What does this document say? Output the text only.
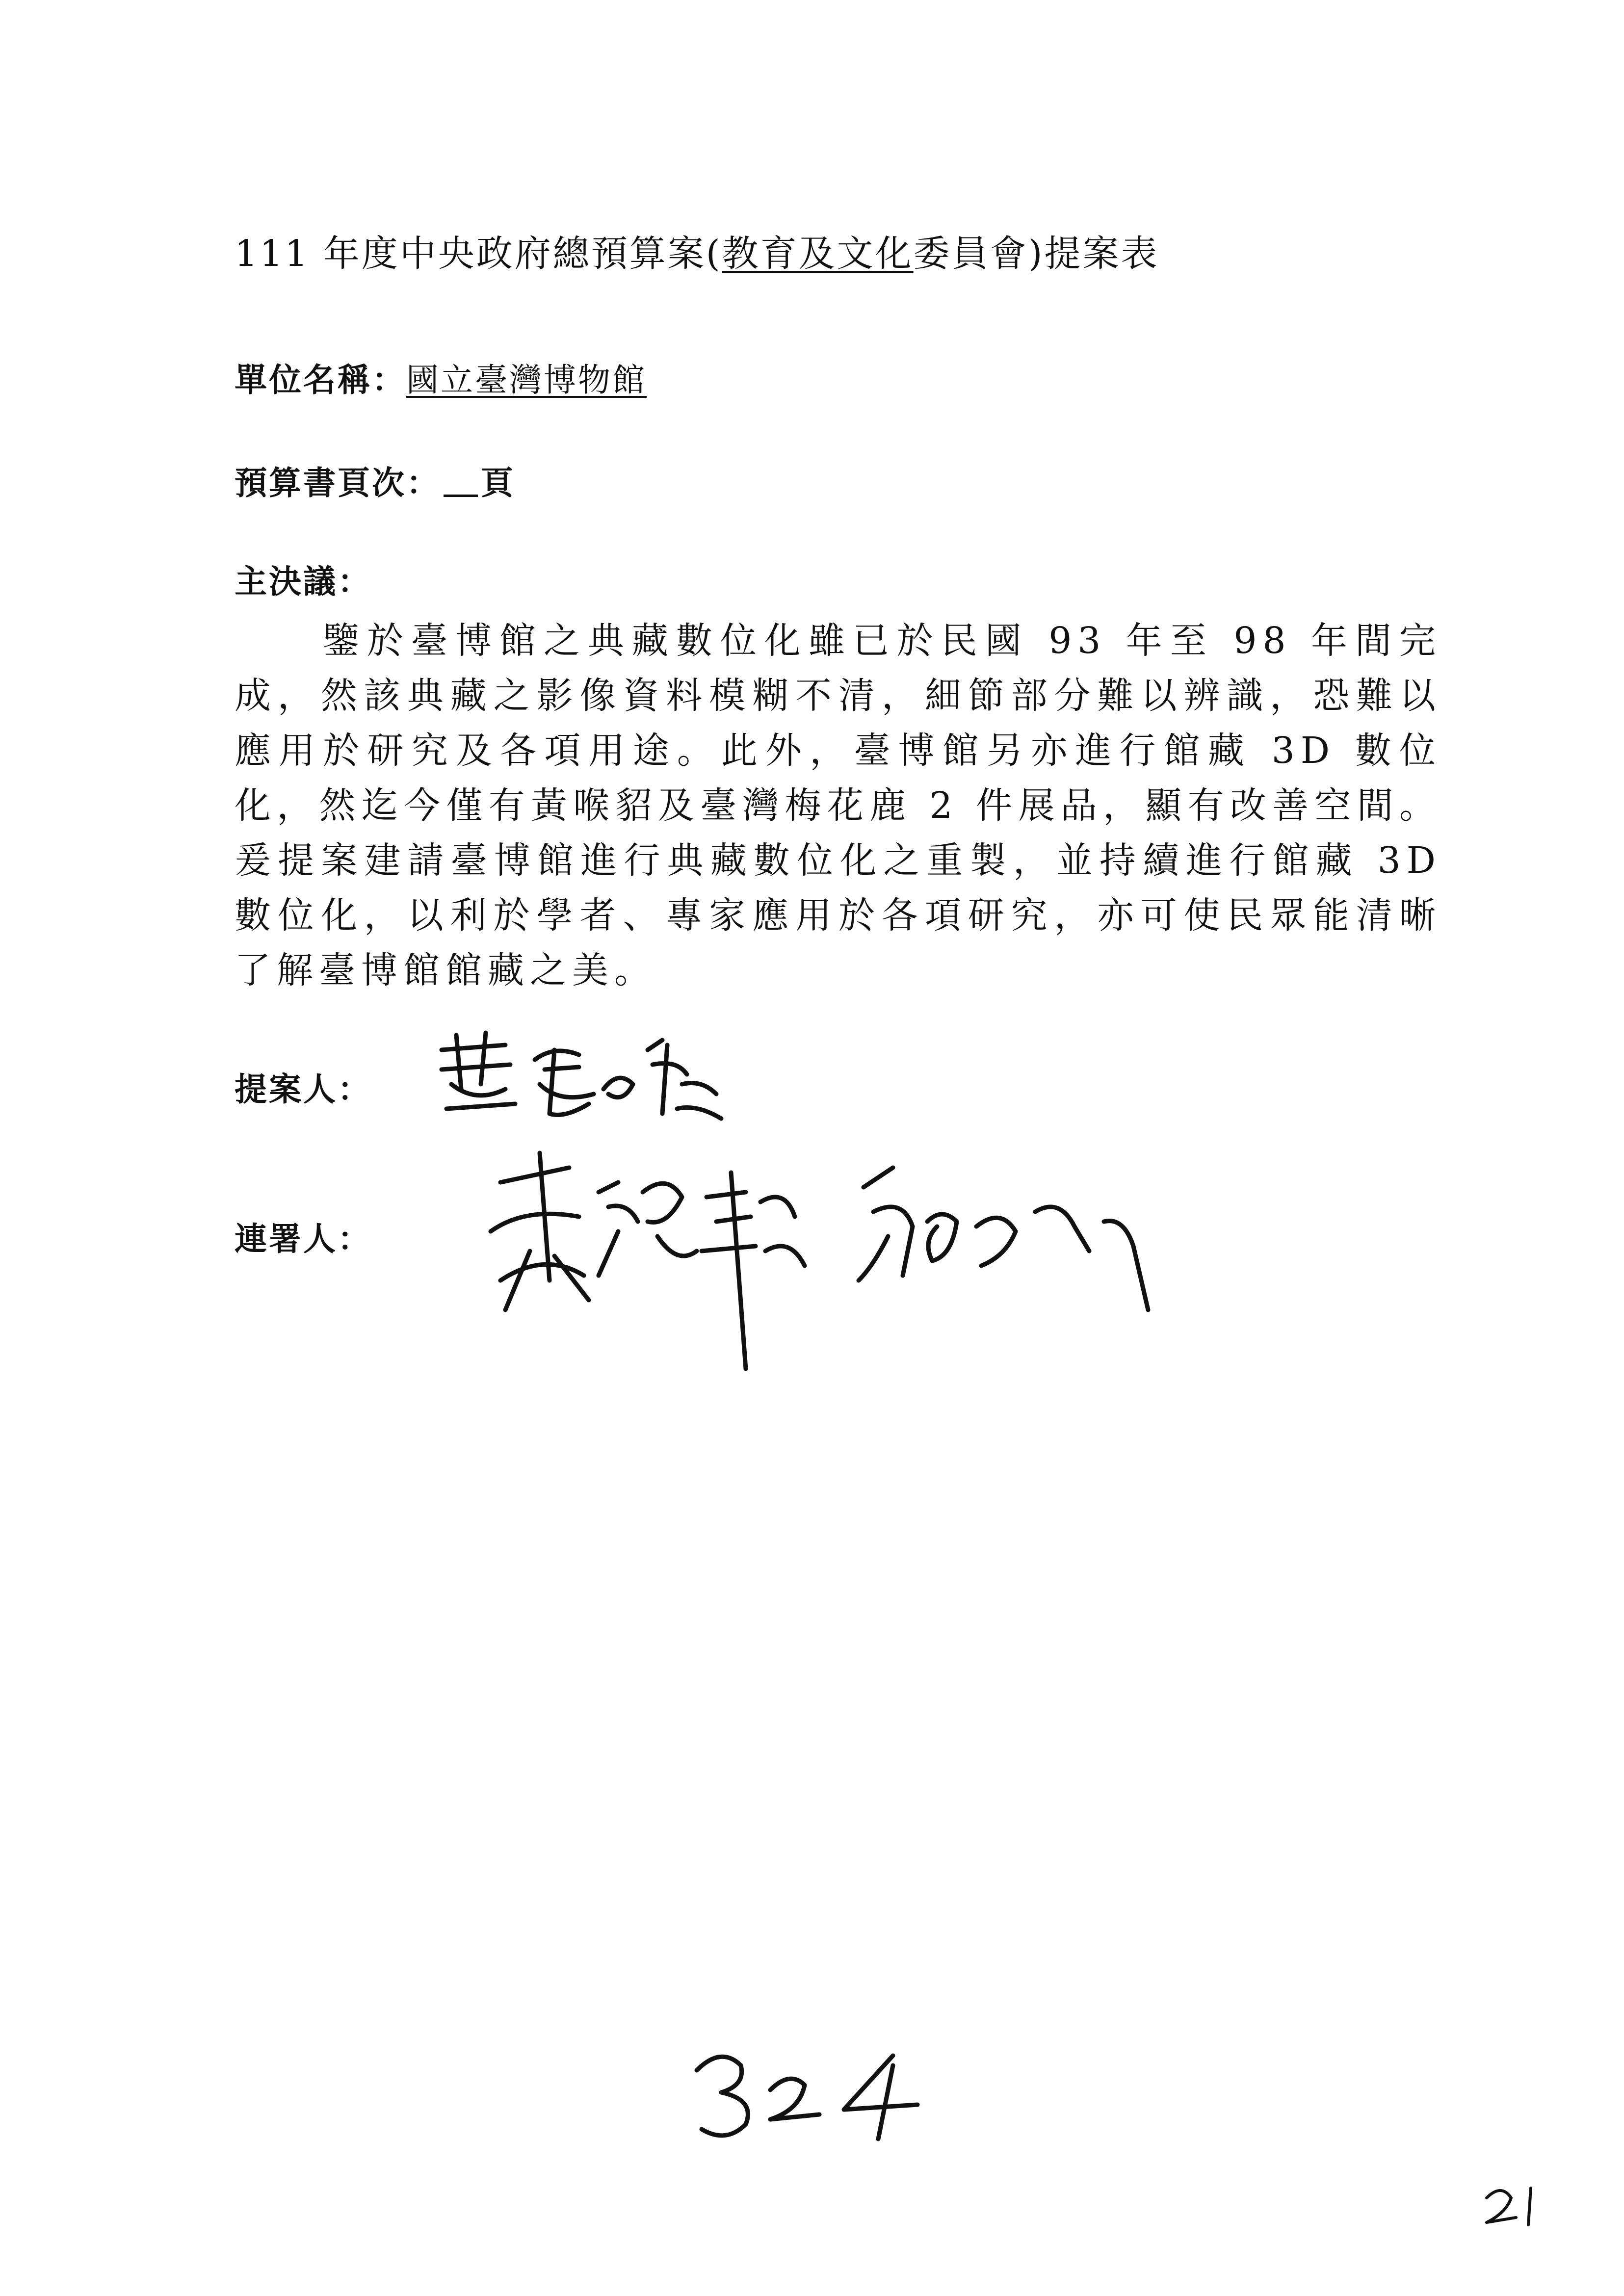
111 年度中央政府總預算案(教育及文化委員會)提案表
單位名稱：國立臺灣博物館
預算書頁次： 頁
主決議：
鑒於臺博館之典藏數位化雖已於民國 93 年至 98 年間完成，然該典藏之影像資料模糊不清，細節部分難以辨識，恐難以應用於研究及各項用途。此外，臺博館另亦進行館藏 3D 數位化，然迄今僅有黃喉貂及臺灣梅花鹿 2 件展品，顯有改善空間。爰提案建請臺博館進行典藏數位化之重製，並持續進行館藏 3D 數位化，以利於學者、專家應用於各項研究，亦可使民眾能清晰了解臺博館館藏之美。
提案人：
連署人：
